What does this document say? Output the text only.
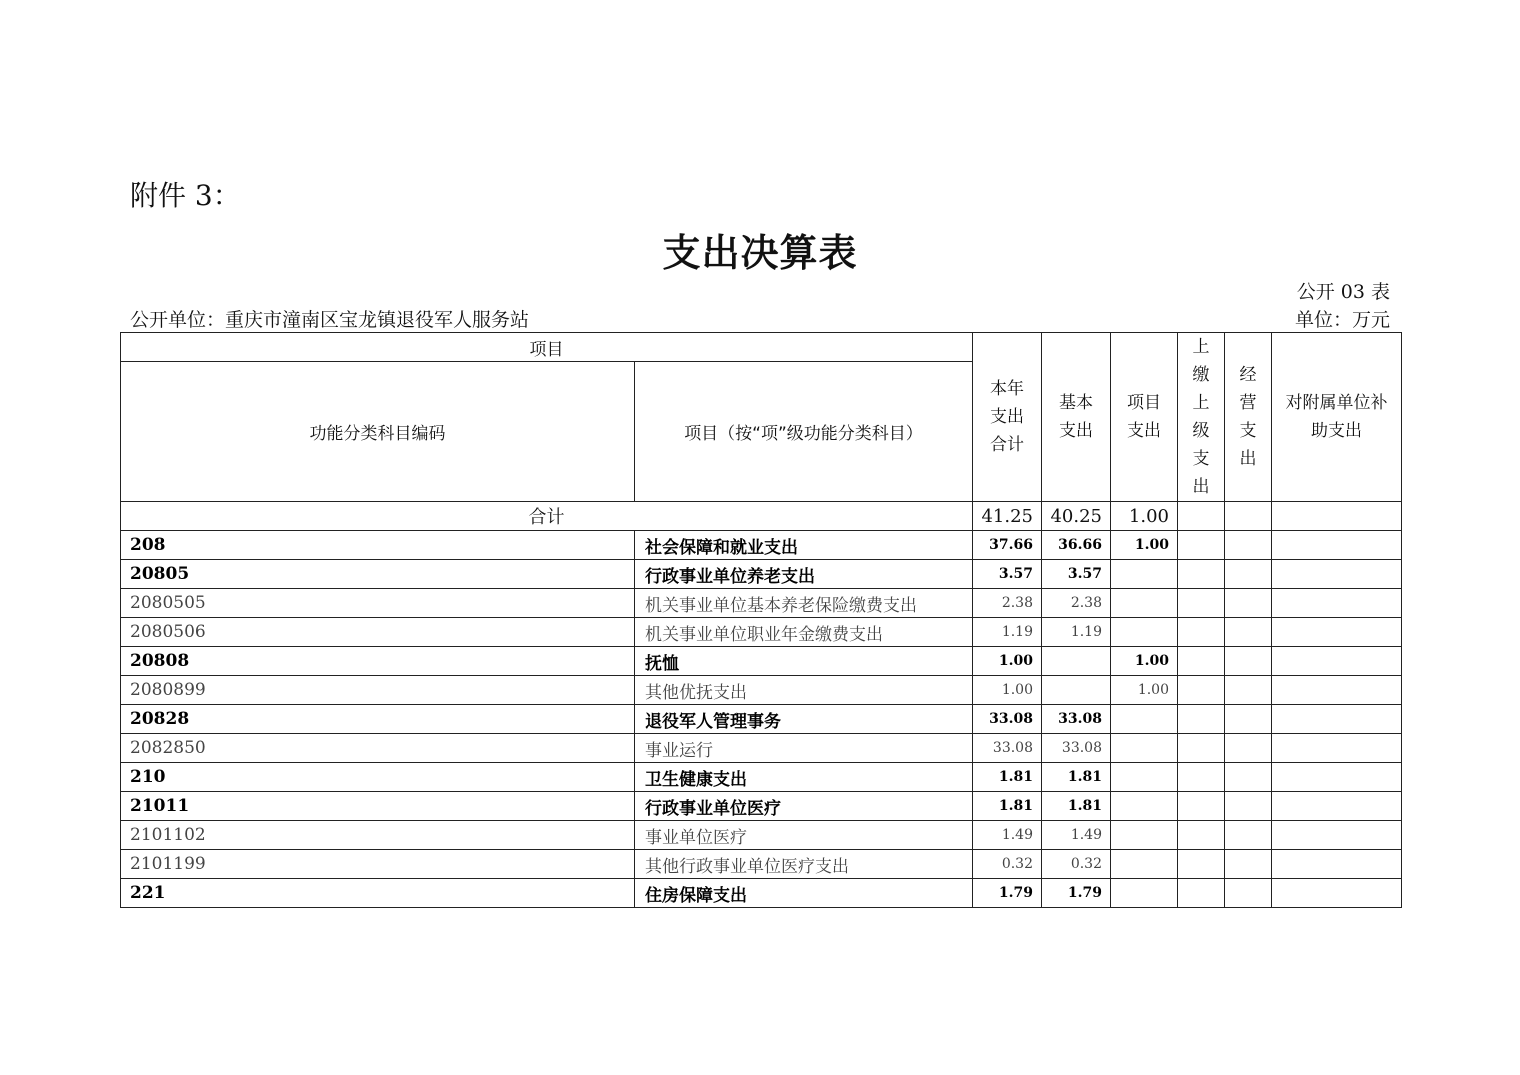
附件 3：
支出决算表
公开 03 表
公开单位：重庆市潼南区宝龙镇退役军人服务站	单位：万元
项目		本年支出合计	基本支出	项目支出	上缴上级支出	经营支出	对附属单位补助支出
功能分类科目编码	项目（按“项”级功能分类科目）						
合计		41.25	40.25	1.00			
208	社会保障和就业支出	37.66	36.66	1.00			
20805	行政事业单位养老支出	3.57	3.57				
2080505	机关事业单位基本养老保险缴费支出	2.38	2.38				
2080506	机关事业单位职业年金缴费支出	1.19	1.19				
20808	抚恤	1.00		1.00			
2080899	其他优抚支出	1.00		1.00			
20828	退役军人管理事务	33.08	33.08				
2082850	事业运行	33.08	33.08				
210	卫生健康支出	1.81	1.81				
21011	行政事业单位医疗	1.81	1.81				
2101102	事业单位医疗	1.49	1.49				
2101199	其他行政事业单位医疗支出	0.32	0.32				
221	住房保障支出	1.79	1.79				
